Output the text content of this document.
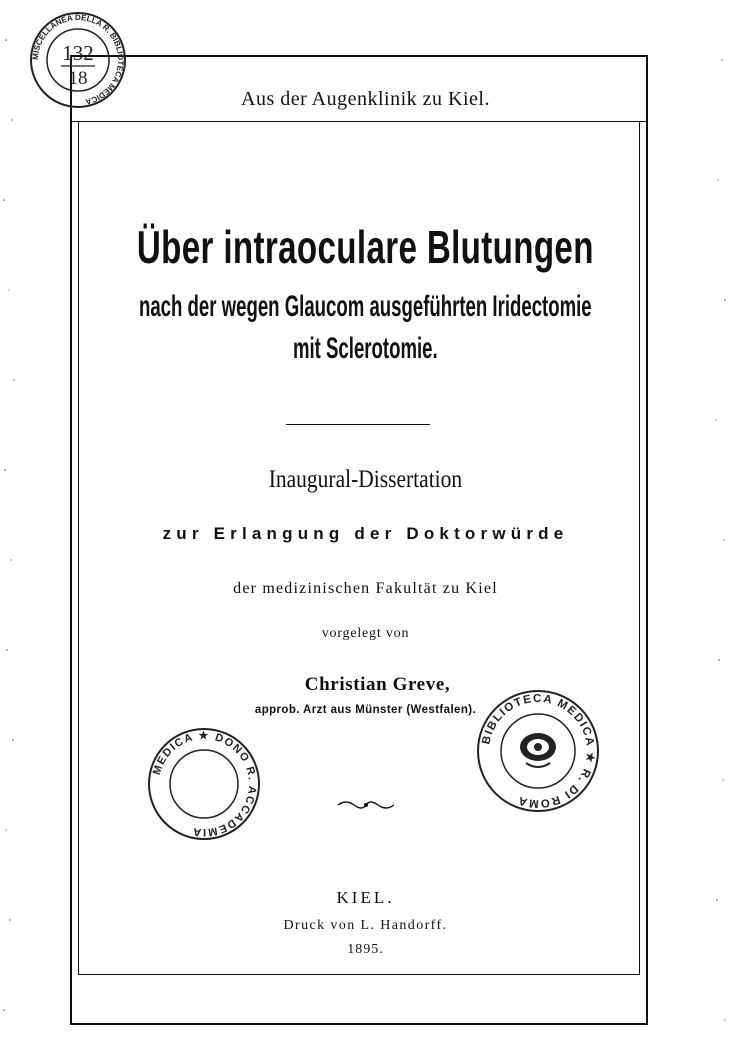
Aus der Augenklinik zu Kiel.
Über intraoculare Blutungen
nach der wegen Glaucom ausgeführten Iridectomie
mit Sclerotomie.
Inaugural-Dissertation
zur Erlangung der Doktorwürde
der medizinischen Fakultät zu Kiel
vorgelegt von
Christian Greve,
approb. Arzt aus Münster (Westfalen).
KIEL.
Druck von L. Handorff.
1895.
MISCELLANEA DELLA R. BIBLIOTECA MEDICA
132
18
MEDICA ★ DONO R. ACCADEMIA
BIBLIOTECA MEDICA ★ R. DI ROMA
